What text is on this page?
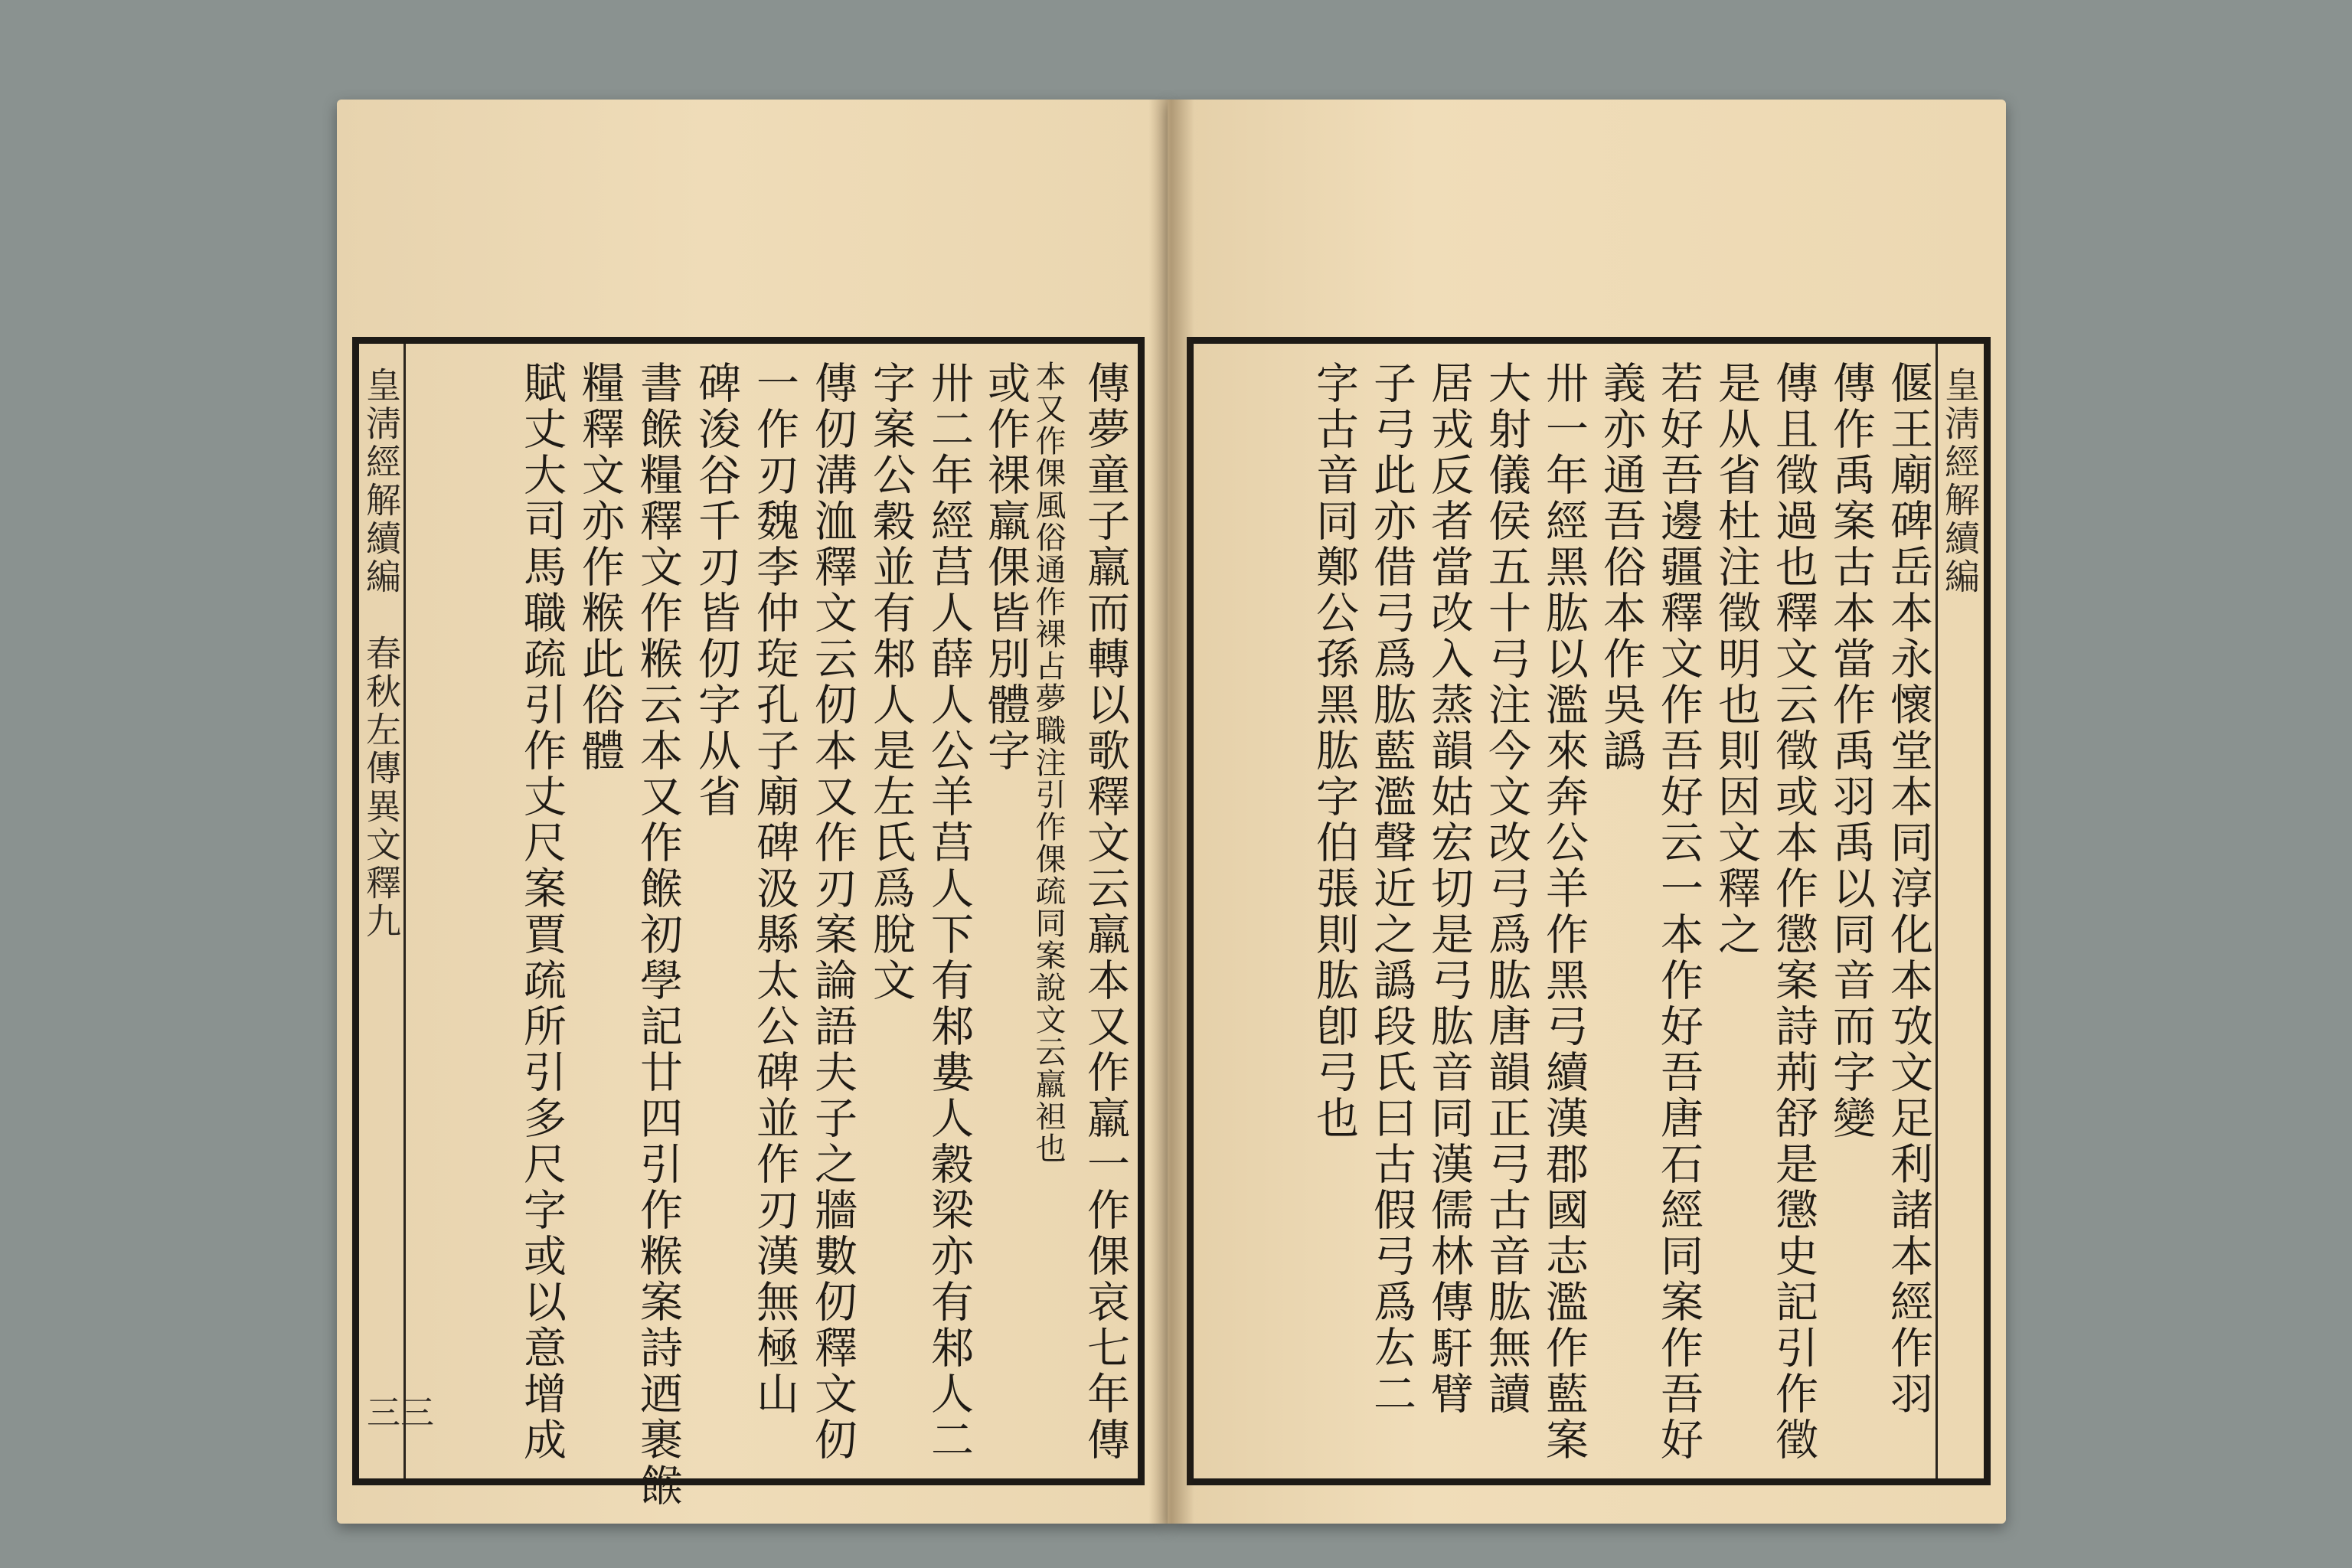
皇淸經解續編
春秋左傳異文釋九
三三	傳夢童子羸而轉以歌釋文云羸本又作羸一作倮哀七年傳
本又作倮風俗通作裸占夢職注引作倮疏同案說文云羸袒也
或作裸羸倮皆別體字
卅二年經莒人薛人公羊莒人下有邾婁人穀梁亦有邾人二
字案公穀並有邾人是左氏爲脫文
傳仞溝洫釋文云仞本又作刃案論語夫子之牆數仞釋文仞
一作刃魏李仲琁孔子廟碑汲縣太公碑並作刃漢無極山
碑浚谷千刃皆仞字从省
書餱糧釋文作糇云本又作餱初學記廿四引作糇案詩迺裹餱
糧釋文亦作糇此俗體
賦丈大司馬職疏引作丈尺案賈疏所引多尺字或以意增成	皇淸經解續編
偃王廟碑岳本永懷堂本同淳化本攷文足利諸本經作羽
傳作禹案古本當作禹羽禹以同音而字變
傳且徵過也釋文云徵或本作懲案詩荊舒是懲史記引作徵
是从省杜注徵明也則因文釋之
若好吾邊疆釋文作吾好云一本作好吾唐石經同案作吾好
義亦通吾俗本作吳譌
卅一年經黑肱以濫來奔公羊作黑弓續漢郡國志濫作藍案
大射儀侯五十弓注今文改弓爲肱唐韻正弓古音肱無讀
居戎反者當改入蒸韻姑宏切是弓肱音同漢儒林傳馯臂
子弓此亦借弓爲肱藍濫聲近之譌段氏曰古假弓爲厷二
字古音同鄭公孫黑肱字伯張則肱卽弓也
